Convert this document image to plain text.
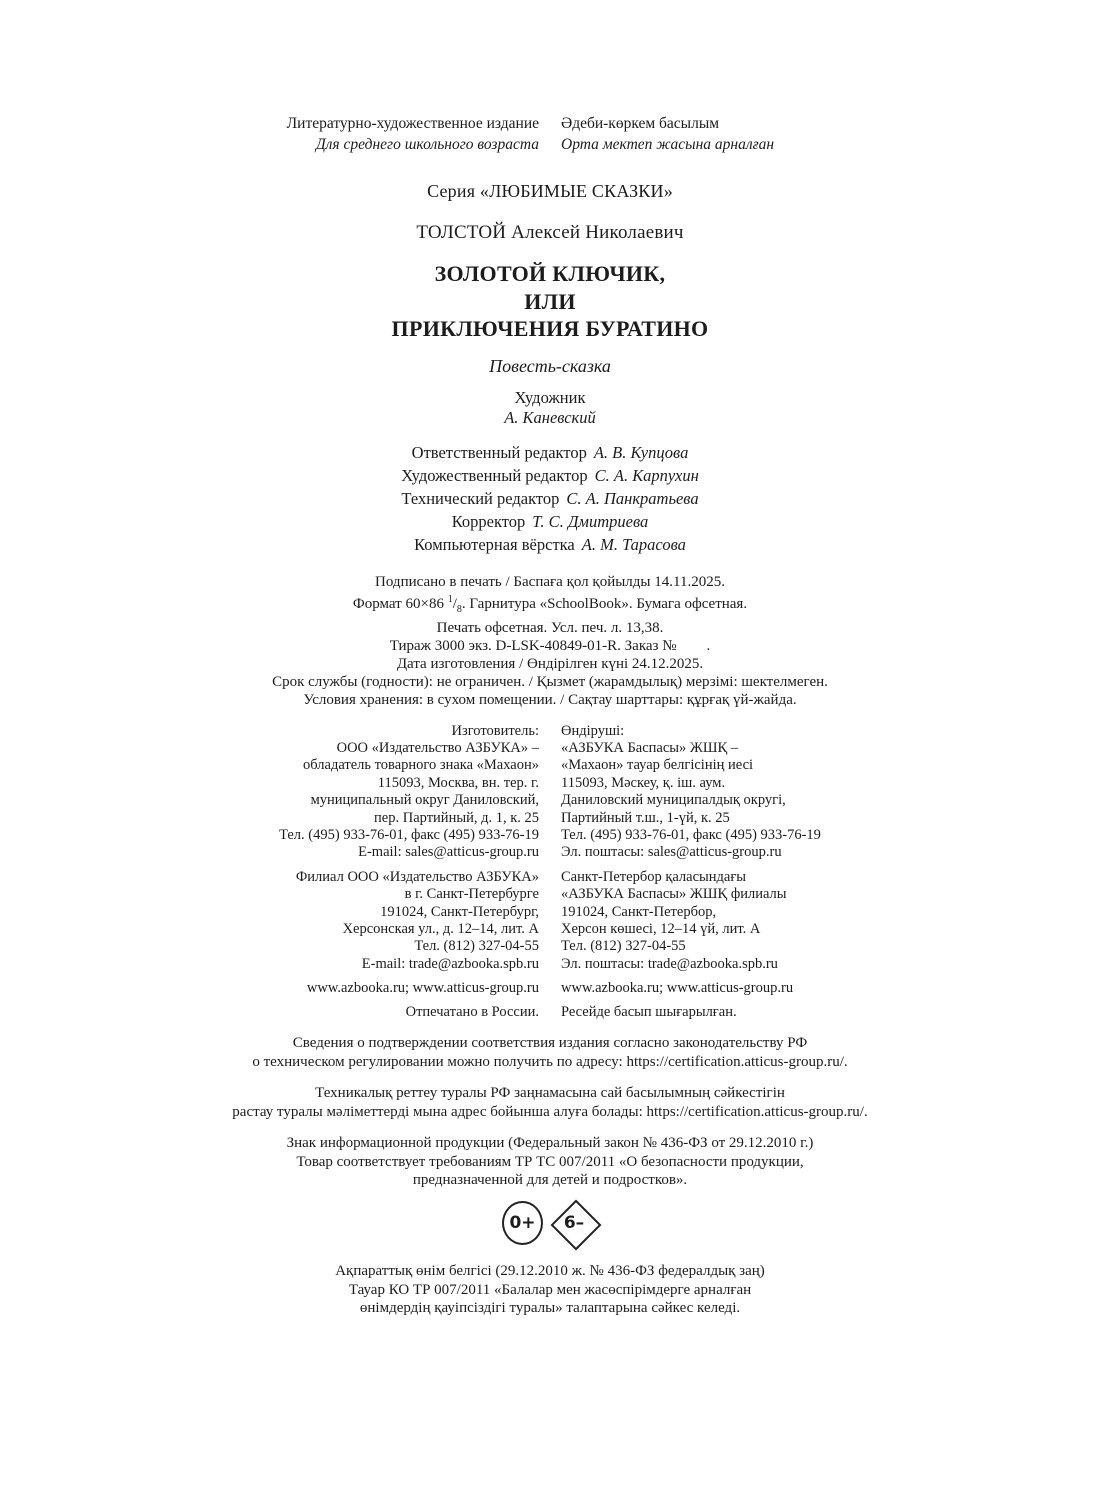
Литературно-художественное издание
Для среднего школьного возраста
Әдеби-көркем басылым
Орта мектеп жасына арналған
Серия «ЛЮБИМЫЕ СКАЗКИ»
ТОЛСТОЙ Алексей Николаевич
ЗОЛОТОЙ КЛЮЧИК,
ИЛИ
ПРИКЛЮЧЕНИЯ БУРАТИНО
Повесть-сказка
Художник
А. Каневский
Ответственный редактор А. В. Купцова
Художественный редактор С. А. Карпухин
Технический редактор С. А. Панкратьева
Корректор Т. С. Дмитриева
Компьютерная вёрстка А. М. Тарасова
Подписано в печать / Баспаға қол қойылды 14.11.2025.
Формат 60×86 $^1/_8$. Гарнитура «SchoolBook». Бумага офсетная.
Печать офсетная. Усл. печ. л. 13,38.
Тираж 3000 экз. D-LSK-40849-01-R. Заказ №        .
Дата изготовления / Өндірілген күні 24.12.2025.
Срок службы (годности): не ограничен. / Қызмет (жарамдылық) мерзімі: шектелмеген.
Условия хранения: в сухом помещении. / Сақтау шарттары: құрғақ үй-жайда.
Изготовитель:
ООО «Издательство АЗБУКА» –
обладатель товарного знака «Махаон»
115093, Москва, вн. тер. г.
муниципальный округ Даниловский,
пер. Партийный, д. 1, к. 25
Тел. (495) 933-76-01, факс (495) 933-76-19
E-mail: sales@atticus-group.ru
Өндіруші:
«АЗБУКА Баспасы» ЖШҚ –
«Махаон» тауар белгісінің иесі
115093, Мәскеу, қ. іш. аум.
Даниловский муниципалдық округі,
Партийный т.ш., 1-үй, к. 25
Тел. (495) 933-76-01, факс (495) 933-76-19
Эл. поштасы: sales@atticus-group.ru
Филиал ООО «Издательство АЗБУКА»
в г. Санкт-Петербурге
191024, Санкт-Петербург,
Херсонская ул., д. 12–14, лит. А
Тел. (812) 327-04-55
E-mail: trade@azbooka.spb.ru
www.azbooka.ru; www.atticus-group.ru
Отпечатано в России.
Санкт-Петербор қаласындағы
«АЗБУКА Баспасы» ЖШҚ филиалы
191024, Санкт-Петербор,
Херсон көшесі, 12–14 үй, лит. А
Тел. (812) 327-04-55
Эл. поштасы: trade@azbooka.spb.ru
www.azbooka.ru; www.atticus-group.ru
Ресейде басып шығарылған.
Сведения о подтверждении соответствия издания согласно законодательству РФ
о техническом регулировании можно получить по адресу: https://certification.atticus-group.ru/.
Техникалық реттеу туралы РФ заңнамасына сай басылымның сәйкестігін
растау туралы мәліметтерді мына адрес бойынша алуға болады: https://certification.atticus-group.ru/.
Знак информационной продукции (Федеральный закон № 436-ФЗ от 29.12.2010 г.)
Товар соответствует требованиям ТР ТС 007/2011 «О безопасности продукции,
предназначенной для детей и подростков».
0+	6–
Ақпараттық өнім белгісі (29.12.2010 ж. № 436-ФЗ федералдық заң)
Тауар КО ТР 007/2011 «Балалар мен жасөспірімдерге арналған
өнімдердің қауіпсіздігі туралы» талаптарына сәйкес келеді.
